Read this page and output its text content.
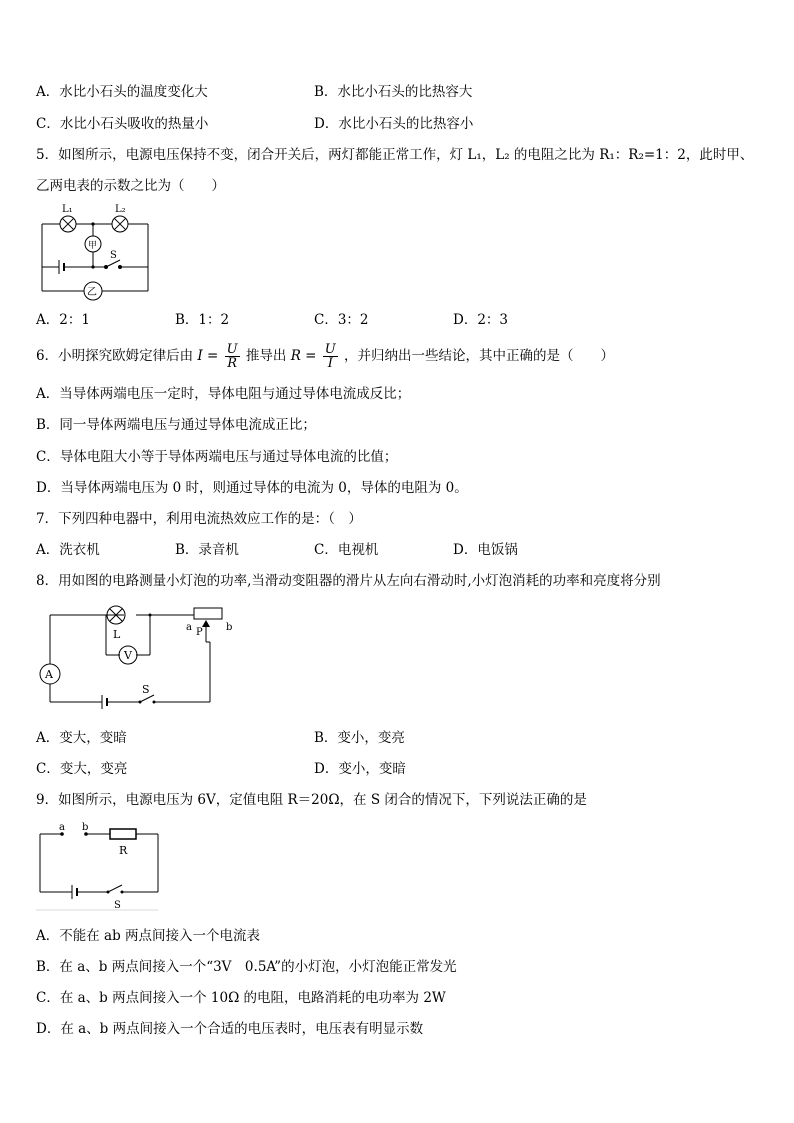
A．水比小石头的温度变化大	B．水比小石头的比热容大
C．水比小石头吸收的热量小	D．水比小石头的比热容小
5．如图所示，电源电压保持不变，闭合开关后，两灯都能正常工作，灯 L₁，L₂ 的电阻之比为 R₁：R₂=1：2，此时甲、
乙两电表的示数之比为（　　）
L₁	L₂
甲
乙
S
A．2：1	B．1：2	C．3：2	D．2：3
6．小明探究欧姆定律后由 $I = \frac{U}{R}$ 推导出 $R = \frac{U}{I}$ ，并归纳出一些结论，其中正确的是（　　）
A．当导体两端电压一定时，导体电阻与通过导体电流成反比；
B．同一导体两端电压与通过导体电流成正比；
C．导体电阻大小等于导体两端电压与通过导体电流的比值；
D．当导体两端电压为 0 时，则通过导体的电流为 0，导体的电阻为 0。
7．下列四种电器中，利用电流热效应工作的是：（　）
A．洗衣机	B．录音机	C．电视机	D．电饭锅
8．用如图的电路测量小灯泡的功率,当滑动变阻器的滑片从左向右滑动时,小灯泡消耗的功率和亮度将分别
L
V
A
S
a	b
P
A．变大，变暗	B．变小，变亮
C．变大，变亮	D．变小，变暗
9．如图所示，电源电压为 6V，定值电阻 R＝20Ω，在 S 闭合的情况下，下列说法正确的是
a b
R
S
A．不能在 ab 两点间接入一个电流表
B．在 a、b 两点间接入一个“3V　0.5A”的小灯泡，小灯泡能正常发光
C．在 a、b 两点间接入一个 10Ω 的电阻，电路消耗的电功率为 2W
D．在 a、b 两点间接入一个合适的电压表时，电压表有明显示数
